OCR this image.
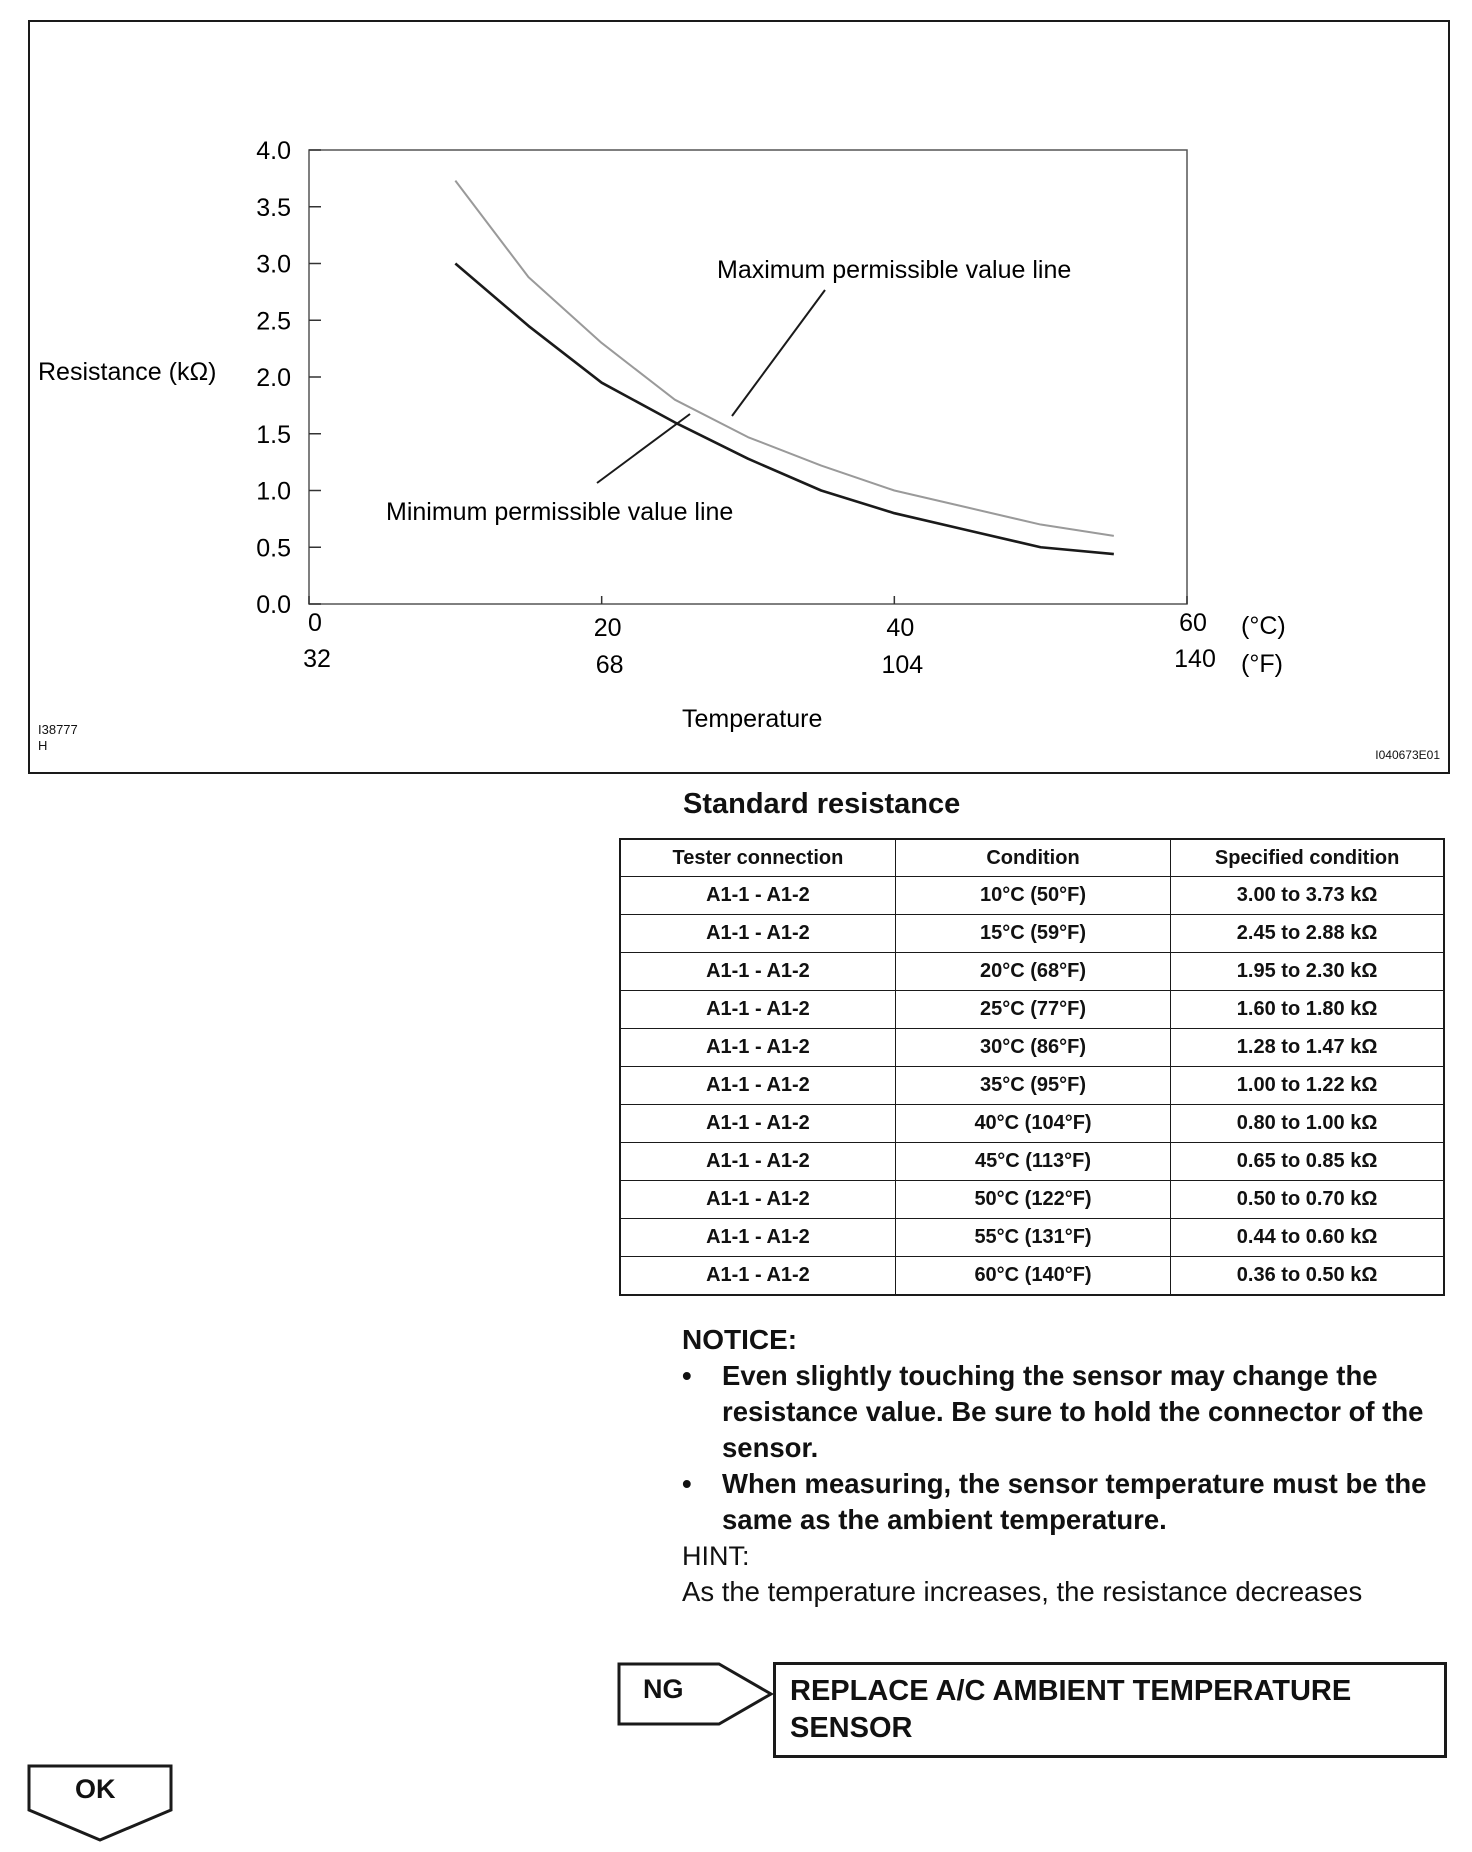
0.0
0.5
1.0
1.5
2.0
2.5
3.0
3.5
4.0
0
32
20
68
40
104
60
140
Maximum permissible value line
Minimum permissible value line
Resistance (kΩ)
Temperature
(°C)
(°F)
I38777
H
I040673E01
Standard resistance
Tester connection	Condition	Specified condition
A1-1 - A1-2	10°C (50°F)	3.00 to 3.73 kΩ
A1-1 - A1-2	15°C (59°F)	2.45 to 2.88 kΩ
A1-1 - A1-2	20°C (68°F)	1.95 to 2.30 kΩ
A1-1 - A1-2	25°C (77°F)	1.60 to 1.80 kΩ
A1-1 - A1-2	30°C (86°F)	1.28 to 1.47 kΩ
A1-1 - A1-2	35°C (95°F)	1.00 to 1.22 kΩ
A1-1 - A1-2	40°C (104°F)	0.80 to 1.00 kΩ
A1-1 - A1-2	45°C (113°F)	0.65 to 0.85 kΩ
A1-1 - A1-2	50°C (122°F)	0.50 to 0.70 kΩ
A1-1 - A1-2	55°C (131°F)	0.44 to 0.60 kΩ
A1-1 - A1-2	60°C (140°F)	0.36 to 0.50 kΩ
NOTICE:
• Even slightly touching the sensor may change the resistance value. Be sure to hold the connector of the sensor.
• When measuring, the sensor temperature must be the same as the ambient temperature.
HINT:
As the temperature increases, the resistance decreases
NG	REPLACE A/C AMBIENT TEMPERATURE SENSOR
OK
